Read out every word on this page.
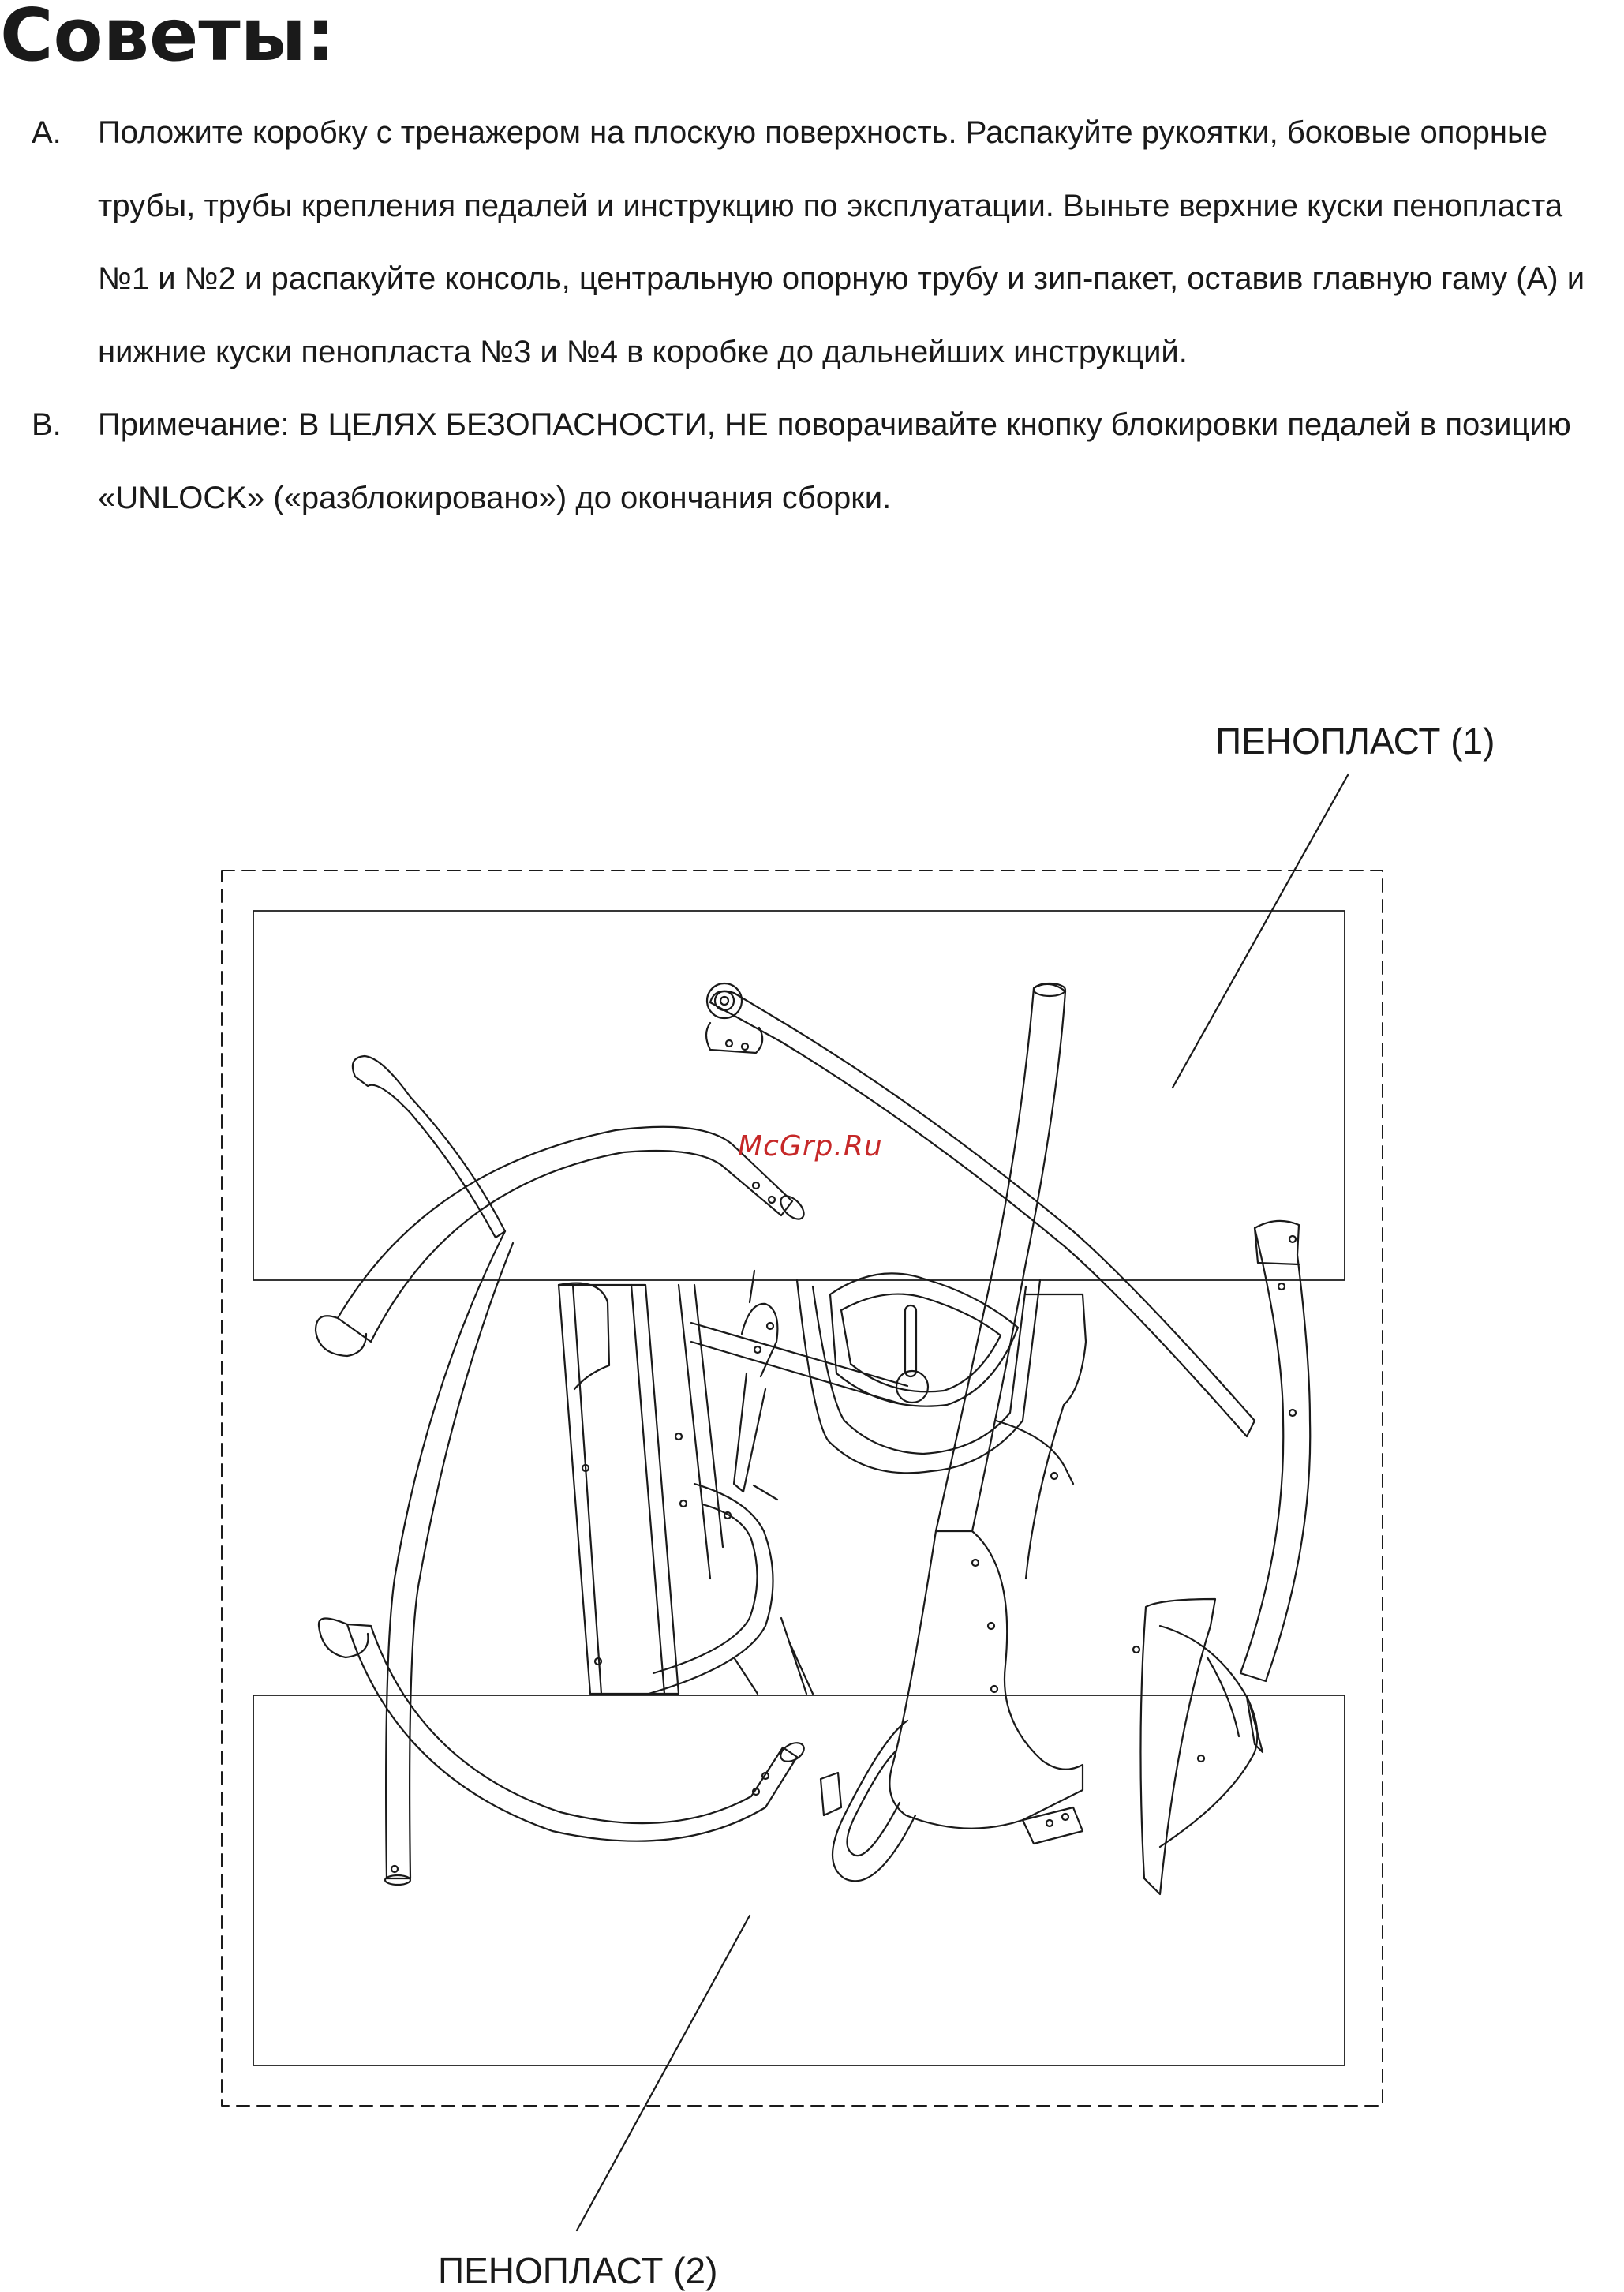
Советы:
A. Положите коробку с тренажером на плоскую поверхность. Распакуйте рукоятки, боковые опорные трубы, трубы крепления педалей и инструкцию по эксплуатации. Выньте верхние куски пенопласта №1 и №2 и распакуйте консоль, центральную опорную трубу и зип-пакет, оставив главную гаму (A) и нижние куски пенопласта №3 и №4 в коробке до дальнейших инструкций.
B. Примечание: В ЦЕЛЯХ БЕЗОПАСНОСТИ, НЕ поворачивайте кнопку блокировки педалей в позицию «UNLOCK» («разблокировано») до окончания сборки.
ПЕНОПЛАСТ (1)
ПЕНОПЛАСТ (2)
McGrp.Ru
